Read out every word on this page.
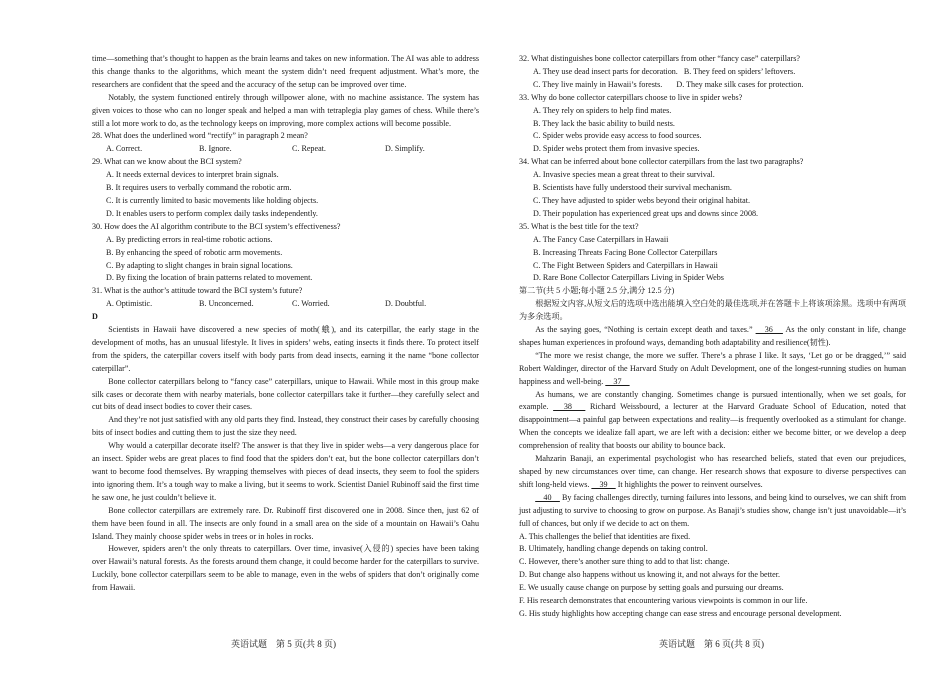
time—something that’s thought to happen as the brain learns and takes on new information. The AI was able to address this change thanks to the algorithms, which meant the system didn’t need frequent adjustment. What’s more, the researchers are confident that the speed and the accuracy of the setup can be improved over time.

Notably, the system functioned entirely through willpower alone, with no machine assistance. The system has given voices to those who can no longer speak and helped a man with tetraplegia play games of chess. While there’s still a lot more work to do, as the technology keeps on improving, more complex actions will become possible.

28. What does the underlined word “rectify” in paragraph 2 mean?

A. Correct.	B. Ignore.	C. Repeat.	D. Simplify.

29. What can we know about the BCI system?

A. It needs external devices to interpret brain signals.
B. It requires users to verbally command the robotic arm.
C. It is currently limited to basic movements like holding objects.
D. It enables users to perform complex daily tasks independently.

30. How does the AI algorithm contribute to the BCI system’s effectiveness?

A. By predicting errors in real-time robotic actions.
B. By enhancing the speed of robotic arm movements.
C. By adapting to slight changes in brain signal locations.
D. By fixing the location of brain patterns related to movement.

31. What is the author’s attitude toward the BCI system’s future?

A. Optimistic.	B. Unconcerned.	C. Worried.	D. Doubtful.

D

Scientists in Hawaii have discovered a new species of moth(蛾), and its caterpillar, the early stage in the development of moths, has an unusual lifestyle. It lives in spiders’ webs, eating insects it finds there. To protect itself from the spiders, the caterpillar covers itself with body parts from dead insects, earning it the name “bone collector caterpillar”.

Bone collector caterpillars belong to “fancy case” caterpillars, unique to Hawaii. While most in this group make silk cases or decorate them with nearby materials, bone collector caterpillars take it further—they carefully select and cut bits of dead insect bodies to cover their cases.

And they’re not just satisfied with any old parts they find. Instead, they construct their cases by carefully choosing bits of insect bodies and cutting them to just the size they need.

Why would a caterpillar decorate itself? The answer is that they live in spider webs—a very dangerous place for an insect. Spider webs are great places to find food that the spiders don’t eat, but the bone collector caterpillars don’t want to become food themselves. By wrapping themselves with pieces of dead insects, they seem to fool the spiders into ignoring them. It’s a tough way to make a living, but it seems to work. Scientist Daniel Rubinoff said the first time he saw one, he just couldn’t believe it.

Bone collector caterpillars are extremely rare. Dr. Rubinoff first discovered one in 2008. Since then, just 62 of them have been found in all. The insects are only found in a small area on the side of a mountain on Hawaii’s Oahu Island. They mainly choose spider webs in trees or in holes in rocks.

However, spiders aren’t the only threats to caterpillars. Over time, invasive(入侵的) species have been taking over Hawaii’s natural forests. As the forests around them change, it could become harder for the caterpillars to survive. Luckily, bone collector caterpillars seem to be able to manage, even in the webs of spiders that don’t originally come from Hawaii.

32. What distinguishes bone collector caterpillars from other “fancy case” caterpillars?

A. They use dead insect parts for decoration. B. They feed on spiders’ leftovers.
C. They live mainly in Hawaii’s forests. D. They make silk cases for protection.

33. Why do bone collector caterpillars choose to live in spider webs?

A. They rely on spiders to help find mates.
B. They lack the basic ability to build nests.
C. Spider webs provide easy access to food sources.
D. Spider webs protect them from invasive species.

34. What can be inferred about bone collector caterpillars from the last two paragraphs?

A. Invasive species mean a great threat to their survival.
B. Scientists have fully understood their survival mechanism.
C. They have adjusted to spider webs beyond their original habitat.
D. Their population has experienced great ups and downs since 2008.

35. What is the best title for the text?

A. The Fancy Case Caterpillars in Hawaii
B. Increasing Threats Facing Bone Collector Caterpillars
C. The Fight Between Spiders and Caterpillars in Hawaii
D. Rare Bone Collector Caterpillars Living in Spider Webs

第二节(共 5 小题;每小题 2.5 分,满分 12.5 分)

根据短文内容,从短文后的选项中选出能填入空白处的最佳选项,并在答题卡上将该项涂黑。选项中有两项为多余选项。

As the saying goes, “Nothing is certain except death and taxes.” 　36　 As the only constant in life, change shapes human experiences in profound ways, demanding both adaptability and resilience(韧性).

“The more we resist change, the more we suffer. There’s a phrase I like. It says, ‘Let go or be dragged,’” said Robert Waldinger, director of the Harvard Study on Adult Development, one of the longest-running studies on human happiness and well-being. 　37　

As humans, we are constantly changing. Sometimes change is pursued intentionally, when we set goals, for example. 　38　 Richard Weissbourd, a lecturer at the Harvard Graduate School of Education, noted that disappointment—a painful gap between expectations and reality—is frequently overlooked as a stimulant for change. When the concepts we idealize fall apart, we are left with a decision: either we become bitter, or we develop a deep comprehension of reality that boosts our ability to bounce back.

Mahzarin Banaji, an experimental psychologist who has researched beliefs, stated that even our prejudices, shaped by new circumstances over time, can change. Her research shows that exposure to diverse perspectives can shift long-held views. 　39　 It highlights the power to reinvent ourselves.

　40　 By facing challenges directly, turning failures into lessons, and being kind to ourselves, we can shift from just adjusting to survive to choosing to grow on purpose. As Banaji’s studies show, change isn’t just unavoidable—it’s full of chances, but only if we decide to act on them.

A. This challenges the belief that identities are fixed.

B. Ultimately, handling change depends on taking control.

C. However, there’s another sure thing to add to that list: change.

D. But change also happens without us knowing it, and not always for the better.

E. We usually cause change on purpose by setting goals and pursuing our dreams.

F. His research demonstrates that encountering various viewpoints is common in our life.

G. His study highlights how accepting change can ease stress and encourage personal development.

英语试题　第 5 页(共 8 页)	英语试题　第 6 页(共 8 页)
